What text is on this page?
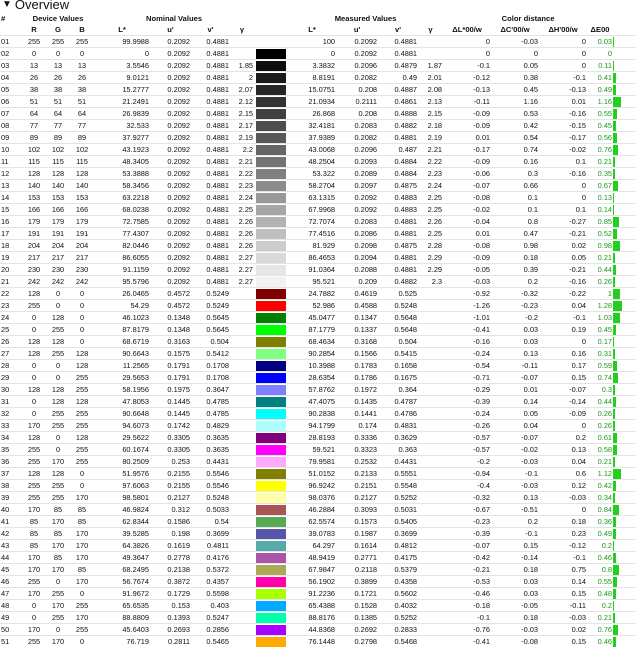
▼ Overview
#	Device Values			Nominal Values					Measured Values				Color distance				
	R	G	B	L*	u'	v'	γ		L*	u'	v'	γ	ΔL*00/w	ΔC'00/w	ΔH'00/w	ΔE00	
01	255	255	255	99.9988	0.2092	0.4881			100	0.2092	0.4881		0	-0.03	0	0.03	

02	0	0	0	0	0.2092	0.4881			0	0.2092	0.4881		0	0	0	0	

03	13	13	13	3.5546	0.2092	0.4881	1.85		3.3832	0.2096	0.4879	1.87	-0.1	0.05	0	0.11	

04	26	26	26	9.0121	0.2092	0.4881	2		8.8191	0.2082	0.49	2.01	-0.12	0.38	-0.1	0.41	

05	38	38	38	15.2777	0.2092	0.4881	2.07		15.0751	0.208	0.4887	2.08	-0.13	0.45	-0.13	0.49	

06	51	51	51	21.2491	0.2092	0.4881	2.12		21.0934	0.2111	0.4861	2.13	-0.11	1.16	0.01	1.16	

07	64	64	64	26.9839	0.2092	0.4881	2.15		26.868	0.208	0.4888	2.15	-0.09	0.53	-0.16	0.55	

08	77	77	77	32.533	0.2092	0.4881	2.17		32.4181	0.2083	0.4882	2.18	-0.09	0.42	-0.15	0.45	

09	89	89	89	37.9277	0.2092	0.4881	2.19		37.9389	0.2082	0.4881	2.19	0.01	0.54	-0.17	0.56	

10	102	102	102	43.1923	0.2092	0.4881	2.2		43.0068	0.2096	0.487	2.21	-0.17	0.74	-0.02	0.76	

11	115	115	115	48.3405	0.2092	0.4881	2.21		48.2504	0.2093	0.4884	2.22	-0.09	0.16	0.1	0.21	

12	128	128	128	53.3888	0.2092	0.4881	2.22		53.322	0.2089	0.4884	2.23	-0.06	0.3	-0.16	0.35	

13	140	140	140	58.3456	0.2092	0.4881	2.23		58.2704	0.2097	0.4875	2.24	-0.07	0.66	0	0.67	

14	153	153	153	63.2218	0.2092	0.4881	2.24		63.1315	0.2092	0.4883	2.25	-0.08	0.1	0	0.13	

15	166	166	166	68.0238	0.2092	0.4881	2.25		67.9968	0.2092	0.4883	2.25	-0.02	0.1	0.1	0.14	

16	179	179	179	72.7585	0.2092	0.4881	2.26		72.7074	0.2083	0.4881	2.26	-0.04	0.8	-0.27	0.85	

17	191	191	191	77.4307	0.2092	0.4881	2.26		77.4516	0.2086	0.4881	2.25	0.01	0.47	-0.21	0.52	

18	204	204	204	82.0446	0.2092	0.4881	2.26		81.929	0.2098	0.4875	2.28	-0.08	0.98	0.02	0.98	

19	217	217	217	86.6055	0.2092	0.4881	2.27		86.4653	0.2094	0.4881	2.29	-0.09	0.18	0.05	0.21	

20	230	230	230	91.1159	0.2092	0.4881	2.27		91.0364	0.2088	0.4881	2.29	-0.05	0.39	-0.21	0.44	

21	242	242	242	95.5796	0.2092	0.4881	2.27		95.521	0.209	0.4882	2.3	-0.03	0.2	-0.16	0.26	

22	128	0	0	26.0465	0.4572	0.5249			24.7882	0.4619	0.525		-0.92	-0.32	-0.22	1	

23	255	0	0	54.29	0.4572	0.5249			52.986	0.4588	0.5248		-1.26	-0.23	0.04	1.28	

24	0	128	0	46.1023	0.1348	0.5645			45.0477	0.1347	0.5648		-1.01	-0.2	-0.1	1.03	

25	0	255	0	87.8179	0.1348	0.5645			87.1779	0.1337	0.5648		-0.41	0.03	0.19	0.45	

26	128	128	0	68.6719	0.3163	0.504			68.4634	0.3168	0.504		-0.16	0.03	0	0.17	

27	128	255	128	90.6643	0.1575	0.5412			90.2854	0.1566	0.5415		-0.24	0.13	0.16	0.31	

28	0	0	128	11.2565	0.1791	0.1708			10.3988	0.1783	0.1658		-0.54	-0.11	0.17	0.59	

29	0	0	255	29.5653	0.1791	0.1708			28.6354	0.1786	0.1675		-0.71	-0.07	0.15	0.74	

30	128	128	255	58.1956	0.1975	0.3647			57.8762	0.1972	0.364		-0.29	0.01	-0.07	0.3	

31	0	128	128	47.8053	0.1445	0.4785			47.4075	0.1435	0.4787		-0.39	0.14	-0.14	0.44	

32	0	255	255	90.6648	0.1445	0.4785			90.2838	0.1441	0.4786		-0.24	0.05	-0.09	0.26	

33	170	255	255	94.6073	0.1742	0.4829			94.1799	0.174	0.4831		-0.26	0.04	0	0.26	

34	128	0	128	29.5622	0.3305	0.3635			28.8193	0.3336	0.3629		-0.57	-0.07	0.2	0.61	

35	255	0	255	60.1674	0.3305	0.3635			59.521	0.3323	0.363		-0.57	-0.02	0.13	0.58	

36	255	170	255	80.2509	0.253	0.4431			79.9581	0.2532	0.4431		-0.2	-0.03	0.04	0.21	

37	128	128	0	51.9576	0.2155	0.5546			51.0152	0.2133	0.5551		-0.94	-0.1	0.6	1.12	

38	255	255	0	97.6063	0.2155	0.5546			96.9242	0.2151	0.5548		-0.4	-0.03	0.12	0.42	

39	255	255	170	98.5801	0.2127	0.5248			98.0376	0.2127	0.5252		-0.32	0.13	-0.03	0.34	

40	170	85	85	46.9824	0.312	0.5033			46.2884	0.3093	0.5031		-0.67	-0.51	0	0.84	

41	85	170	85	62.8344	0.1586	0.54			62.5574	0.1573	0.5405		-0.23	0.2	0.18	0.36	

42	85	85	170	39.5285	0.198	0.3699			39.0783	0.1987	0.3699		-0.39	-0.1	0.23	0.49	

43	85	170	170	64.3826	0.1619	0.4811			64.297	0.1614	0.4812		-0.07	0.15	-0.12	0.2	

44	170	85	170	49.3647	0.2778	0.4176			48.9419	0.2771	0.4175		-0.42	-0.14	-0.1	0.46	

45	170	170	85	68.2495	0.2138	0.5372			67.9847	0.2118	0.5379		-0.21	0.18	0.75	0.8	

46	255	0	170	56.7674	0.3872	0.4357			56.1902	0.3899	0.4358		-0.53	0.03	0.14	0.55	

47	170	255	0	91.9672	0.1729	0.5598			91.2236	0.1721	0.5602		-0.46	0.03	0.15	0.48	

48	0	170	255	65.6535	0.153	0.403			65.4388	0.1528	0.4032		-0.18	-0.05	-0.11	0.2	

49	0	255	170	88.8809	0.1393	0.5247			88.8176	0.1385	0.5252		-0.1	0.18	-0.03	0.21	

50	170	0	255	45.6403	0.2693	0.2856			44.8368	0.2692	0.2833		-0.76	-0.03	0.02	0.76	

51	255	170	0	76.719	0.2811	0.5465			76.1448	0.2798	0.5468		-0.41	-0.08	0.15	0.46	
